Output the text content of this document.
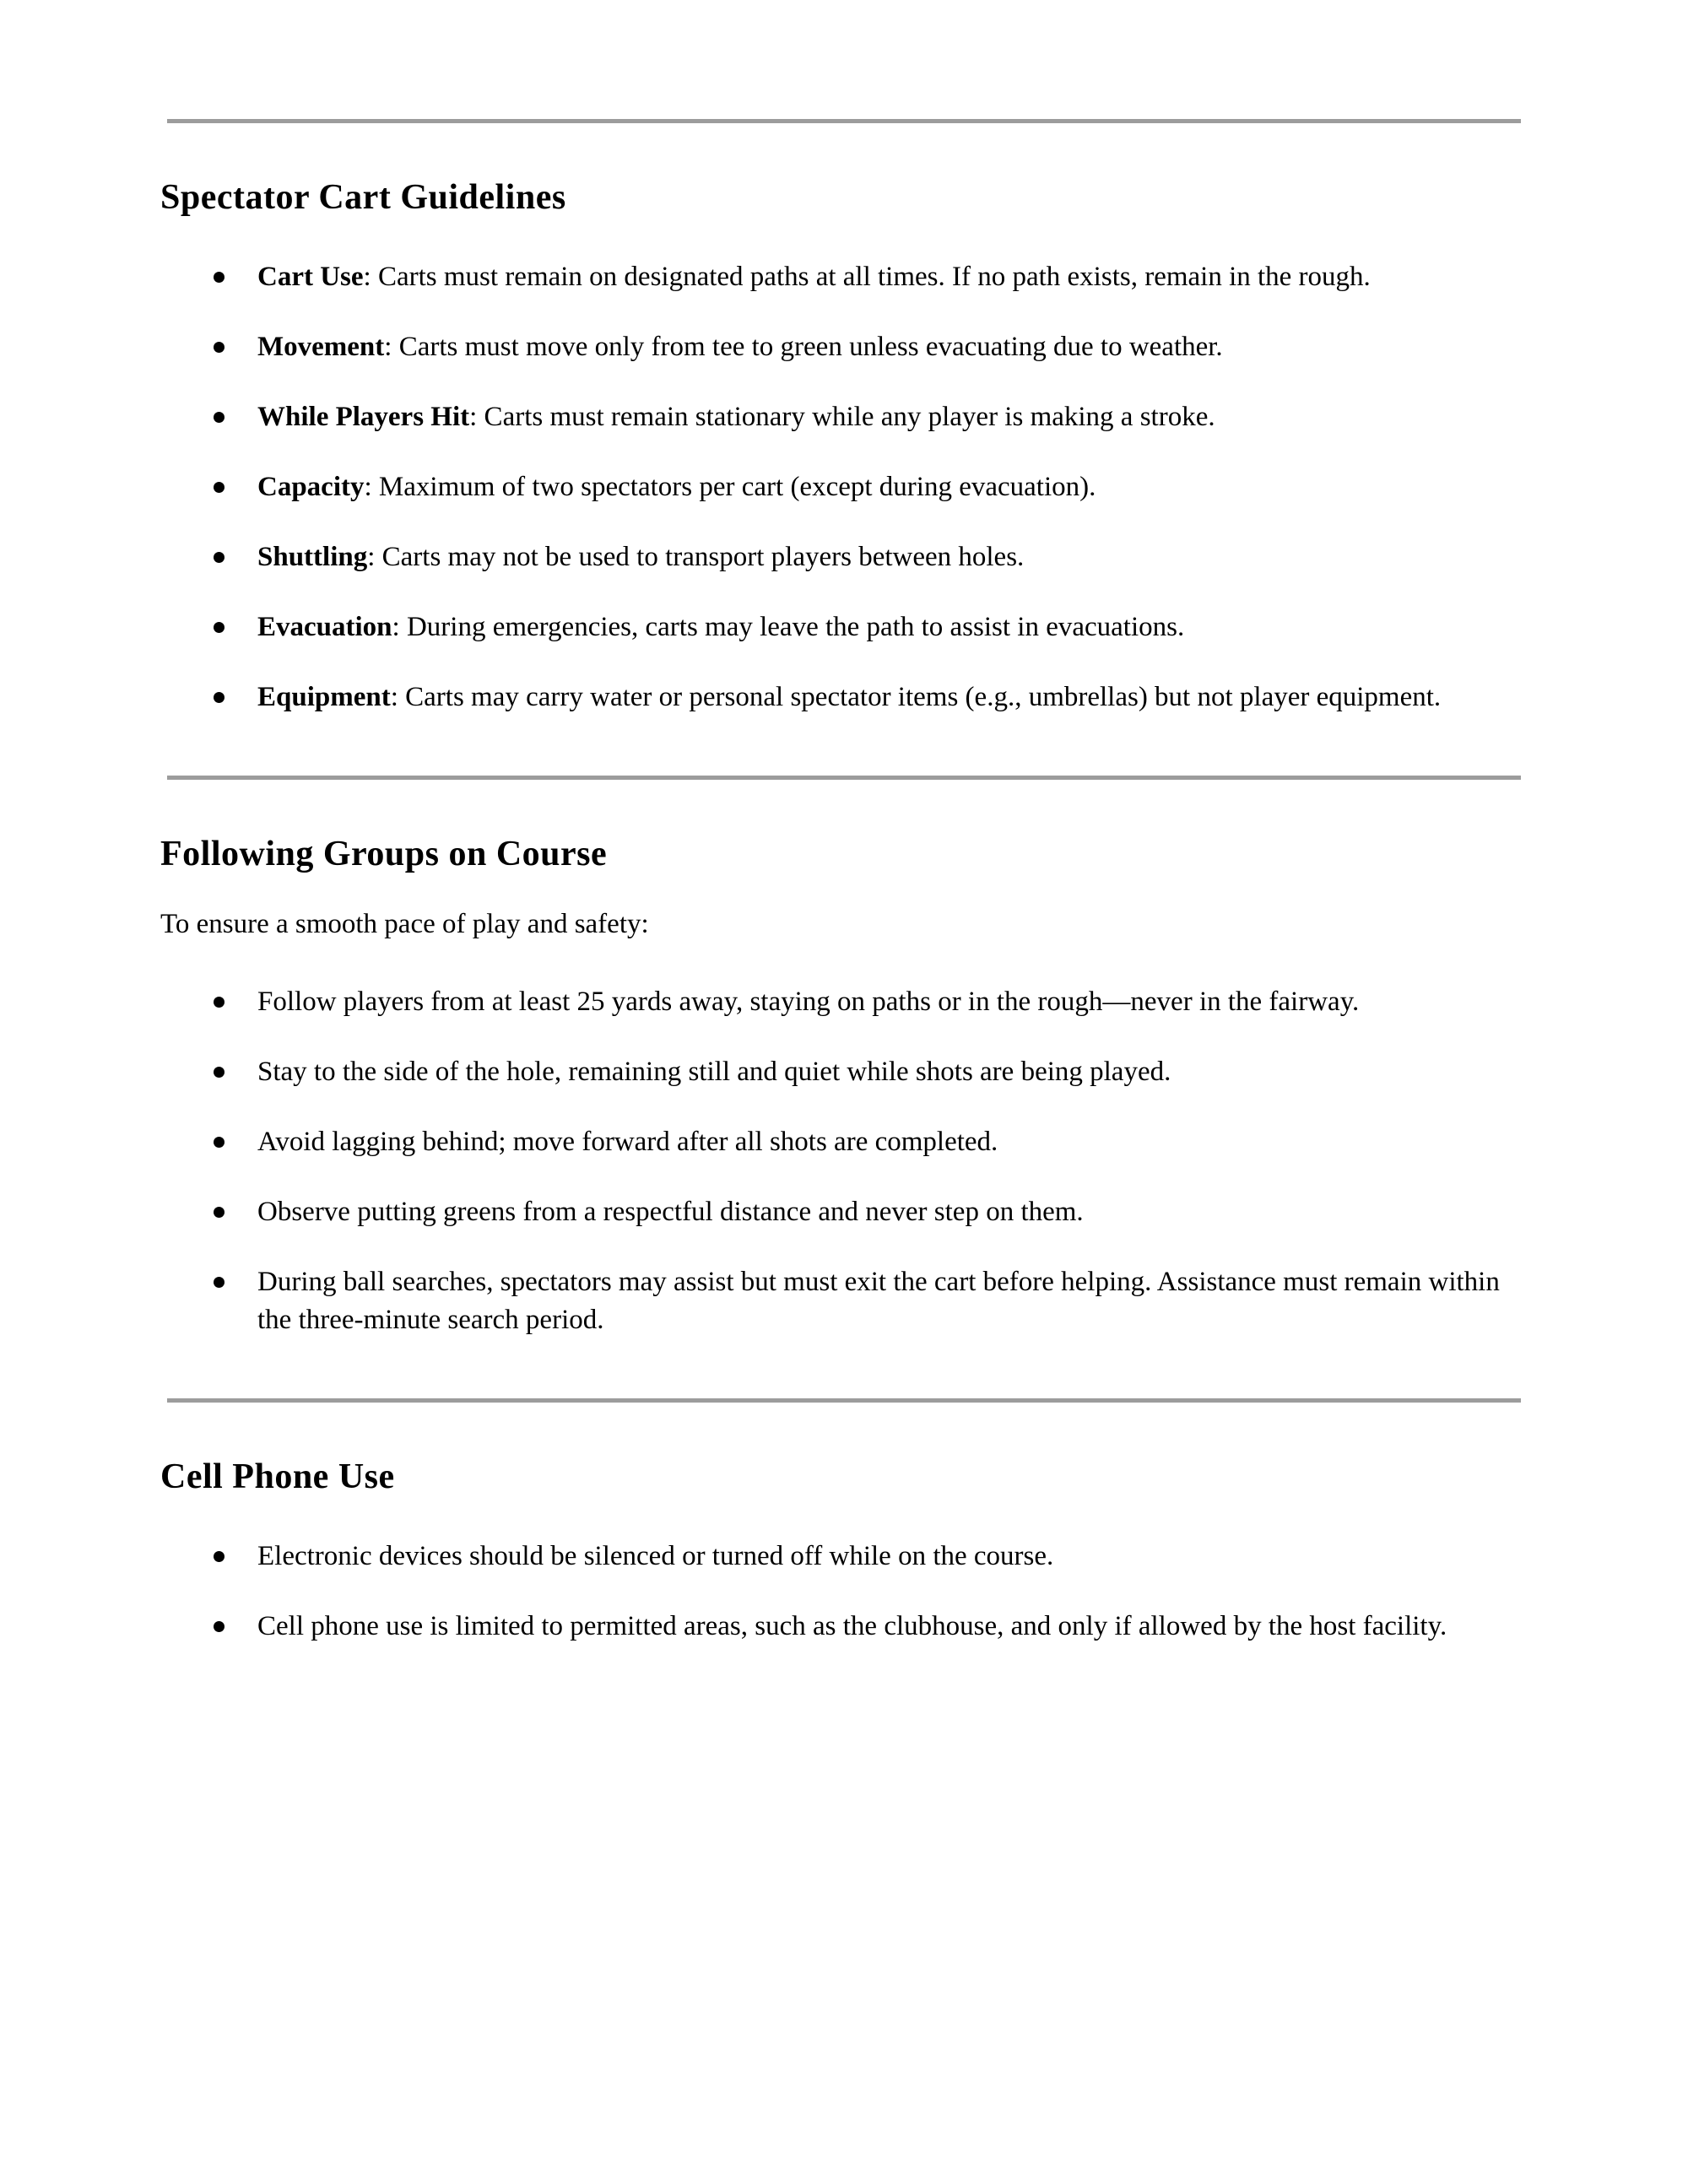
Spectator Cart Guidelines
Cart Use: Carts must remain on designated paths at all times. If no path exists, remain in the rough.
Movement: Carts must move only from tee to green unless evacuating due to weather.
While Players Hit: Carts must remain stationary while any player is making a stroke.
Capacity: Maximum of two spectators per cart (except during evacuation).
Shuttling: Carts may not be used to transport players between holes.
Evacuation: During emergencies, carts may leave the path to assist in evacuations.
Equipment: Carts may carry water or personal spectator items (e.g., umbrellas) but not player equipment.
Following Groups on Course

To ensure a smooth pace of play and safety:

Follow players from at least 25 yards away, staying on paths or in the rough—never in the fairway.
Stay to the side of the hole, remaining still and quiet while shots are being played.
Avoid lagging behind; move forward after all shots are completed.
Observe putting greens from a respectful distance and never step on them.
During ball searches, spectators may assist but must exit the cart before helping. Assistance must remain within the three-minute search period.
Cell Phone Use
Electronic devices should be silenced or turned off while on the course.
Cell phone use is limited to permitted areas, such as the clubhouse, and only if allowed by the host facility.
